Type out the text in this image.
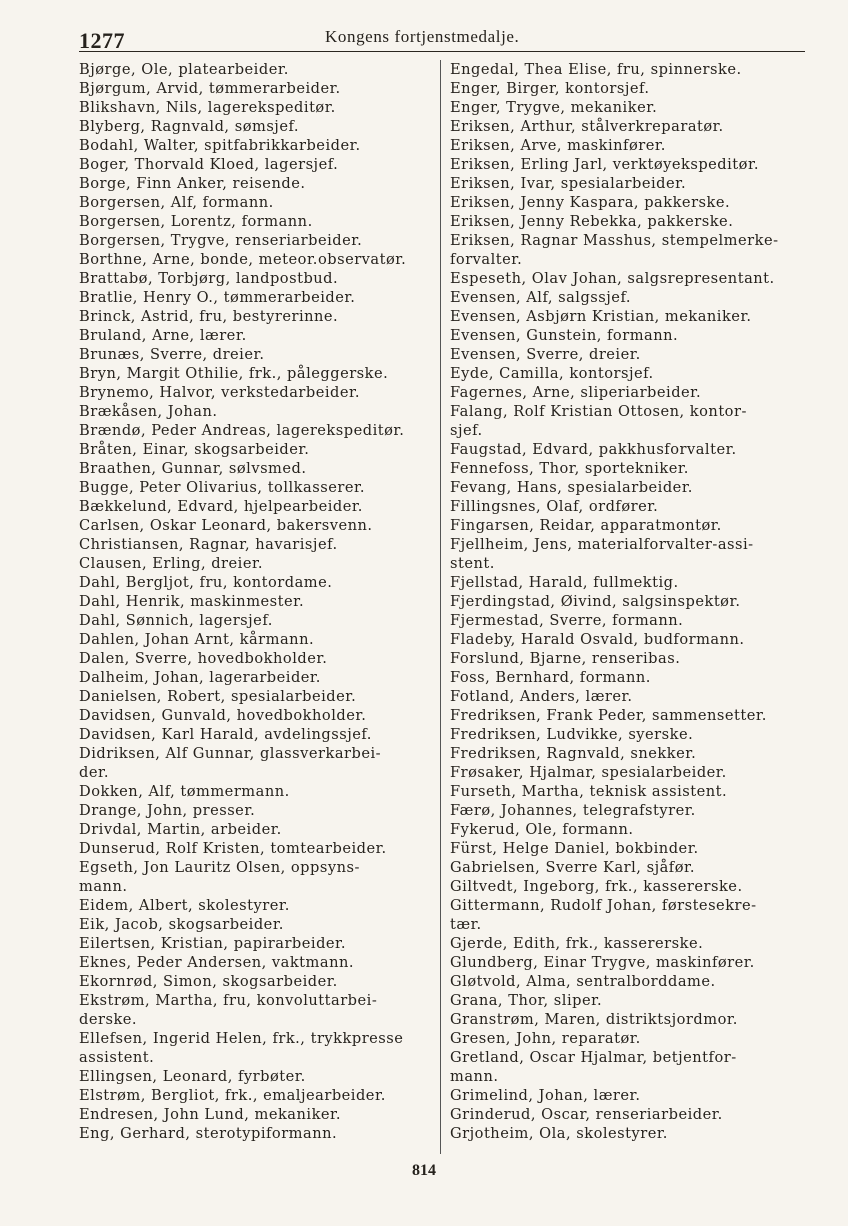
1277	Kongens fortjenstmedalje.
Bjørge, Ole, platearbeider.
Bjørgum, Arvid, tømmerarbeider.
Blikshavn, Nils, lagerekspeditør.
Blyberg, Ragnvald, sømsjef.
Bodahl, Walter, spitfabrikkarbeider.
Boger, Thorvald Kloed, lagersjef.
Borge, Finn Anker, reisende.
Borgersen, Alf, formann.
Borgersen, Lorentz, formann.
Borgersen, Trygve, renseriarbeider.
Borthne, Arne, bonde, meteor.observatør.
Brattabø, Torbjørg, landpostbud.
Bratlie, Henry O., tømmerarbeider.
Brinck, Astrid, fru, bestyrerinne.
Bruland, Arne, lærer.
Brunæs, Sverre, dreier.
Bryn, Margit Othilie, frk., påleggerske.
Brynemo, Halvor, verkstedarbeider.
Brækåsen, Johan.
Brændø, Peder Andreas, lagerekspeditør.
Bråten, Einar, skogsarbeider.
Braathen, Gunnar, sølvsmed.
Bugge, Peter Olivarius, tollkasserer.
Bækkelund, Edvard, hjelpearbeider.
Carlsen, Oskar Leonard, bakersvenn.
Christiansen, Ragnar, havarisjef.
Clausen, Erling, dreier.
Dahl, Bergljot, fru, kontordame.
Dahl, Henrik, maskinmester.
Dahl, Sønnich, lagersjef.
Dahlen, Johan Arnt, kårmann.
Dalen, Sverre, hovedbokholder.
Dalheim, Johan, lagerarbeider.
Danielsen, Robert, spesialarbeider.
Davidsen, Gunvald, hovedbokholder.
Davidsen, Karl Harald, avdelingssjef.
Didriksen, Alf Gunnar, glassverkarbei-
der.
Dokken, Alf, tømmermann.
Drange, John, presser.
Drivdal, Martin, arbeider.
Dunserud, Rolf Kristen, tomtearbeider.
Egseth, Jon Lauritz Olsen, oppsyns-
mann.
Eidem, Albert, skolestyrer.
Eik, Jacob, skogsarbeider.
Eilertsen, Kristian, papirarbeider.
Eknes, Peder Andersen, vaktmann.
Ekornrød, Simon, skogsarbeider.
Ekstrøm, Martha, fru, konvoluttarbei-
derske.
Ellefsen, Ingerid Helen, frk., trykkpresse
assistent.
Ellingsen, Leonard, fyrbøter.
Elstrøm, Bergliot, frk., emaljearbeider.
Endresen, John Lund, mekaniker.
Eng, Gerhard, sterotypiformann.
Engedal, Thea Elise, fru, spinnerske.
Enger, Birger, kontorsjef.
Enger, Trygve, mekaniker.
Eriksen, Arthur, stålverkreparatør.
Eriksen, Arve, maskinfører.
Eriksen, Erling Jarl, verktøyekspeditør.
Eriksen, Ivar, spesialarbeider.
Eriksen, Jenny Kaspara, pakkerske.
Eriksen, Jenny Rebekka, pakkerske.
Eriksen, Ragnar Masshus, stempelmerke-
forvalter.
Espeseth, Olav Johan, salgsrepresentant.
Evensen, Alf, salgssjef.
Evensen, Asbjørn Kristian, mekaniker.
Evensen, Gunstein, formann.
Evensen, Sverre, dreier.
Eyde, Camilla, kontorsjef.
Fagernes, Arne, sliperiarbeider.
Falang, Rolf Kristian Ottosen, kontor-
sjef.
Faugstad, Edvard, pakkhusforvalter.
Fennefoss, Thor, sportekniker.
Fevang, Hans, spesialarbeider.
Fillingsnes, Olaf, ordfører.
Fingarsen, Reidar, apparatmontør.
Fjellheim, Jens, materialforvalter-assi-
stent.
Fjellstad, Harald, fullmektig.
Fjerdingstad, Øivind, salgsinspektør.
Fjermestad, Sverre, formann.
Fladeby, Harald Osvald, budformann.
Forslund, Bjarne, renseribas.
Foss, Bernhard, formann.
Fotland, Anders, lærer.
Fredriksen, Frank Peder, sammensetter.
Fredriksen, Ludvikke, syerske.
Fredriksen, Ragnvald, snekker.
Frøsaker, Hjalmar, spesialarbeider.
Furseth, Martha, teknisk assistent.
Færø, Johannes, telegrafstyrer.
Fykerud, Ole, formann.
Fürst, Helge Daniel, bokbinder.
Gabrielsen, Sverre Karl, sjåfør.
Giltvedt, Ingeborg, frk., kassererske.
Gittermann, Rudolf Johan, førstesekre-
tær.
Gjerde, Edith, frk., kassererske.
Glundberg, Einar Trygve, maskinfører.
Gløtvold, Alma, sentralborddame.
Grana, Thor, sliper.
Granstrøm, Maren, distriktsjordmor.
Gresen, John, reparatør.
Gretland, Oscar Hjalmar, betjentfor-
mann.
Grimelind, Johan, lærer.
Grinderud, Oscar, renseriarbeider.
Grjotheim, Ola, skolestyrer.
814
